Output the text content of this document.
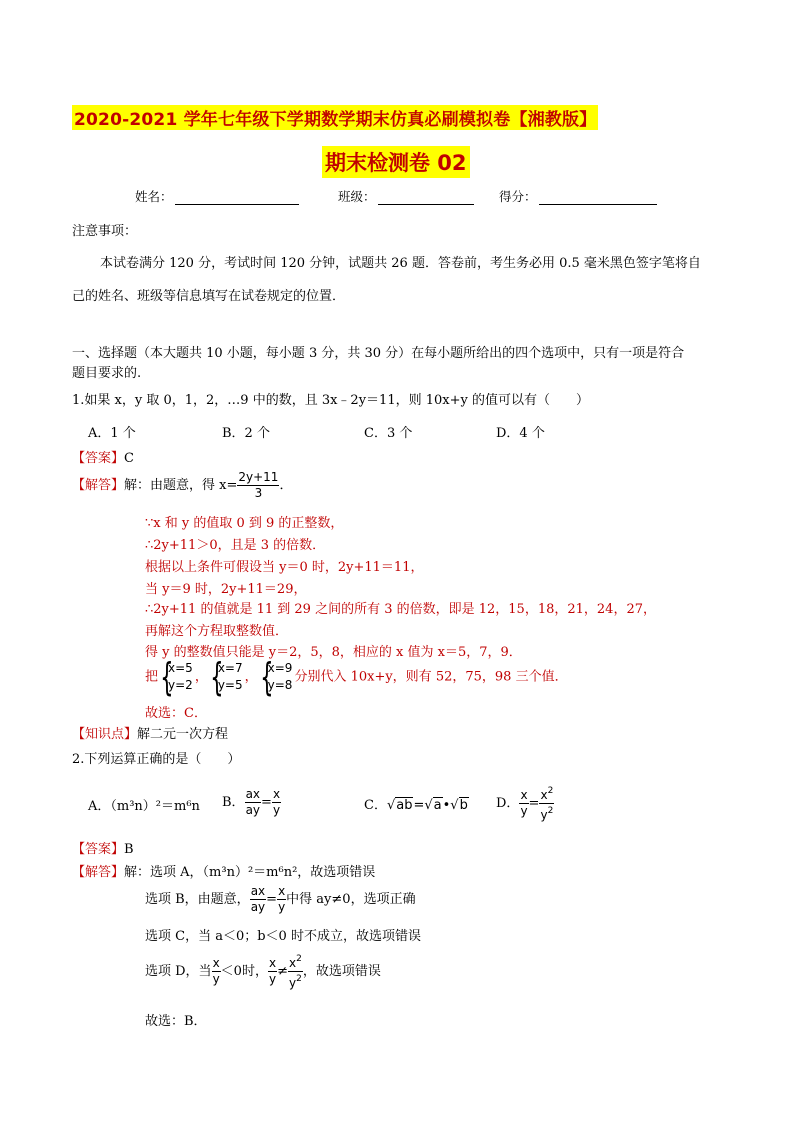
2020-2021 学年七年级下学期数学期末仿真必刷模拟卷【湘教版】
期末检测卷 02
姓名：	班级：	得分：
注意事项：
本试卷满分 120 分，考试时间 120 分钟，试题共 26 题．答卷前，考生务必用 0.5 毫米黑色签字笔将自
己的姓名、班级等信息填写在试卷规定的位置．
一、选择题（本大题共 10 小题，每小题 3 分，共 30 分）在每小题所给出的四个选项中，只有一项是符合
题目要求的.
1.如果 x，y 取 0，1，2，…9 中的数，且 3x﹣2y＝11，则 10x+y 的值可以有（　　）
A．1 个	B．2 个	C．3 个	D．4 个
【答案】C
【解答】解：由题意，得 $x= \frac{2y+11}{3}$ ．
∵x 和 y 的值取 0 到 9 的正整数，
∴2y+11＞0，且是 3 的倍数．
根据以上条件可假设当 y＝0 时，2y+11＝11，
当 y＝9 时，2y+11＝29，
∴2y+11 的值就是 11 到 29 之间的所有 3 的倍数，即是 12，15，18，21，24，27，
再解这个方程取整数值．
得 y 的整数值只能是 y＝2，5，8，相应的 x 值为 x＝5，7，9．
把 {
x=5
y=2
， {
x=7
y=5
， {
x=9
y=8
分别代入 10x+y，则有 52，75，98 三个值．
故选：C．
【知识点】解二元一次方程
2.下列运算正确的是（　　）
A．（m³n）²＝m⁶n B． $\frac{ax}{ay} = \frac{x}{y}$	C．√ab=√a•√b D． $\frac{x}{y} = \frac{x^2}{y^2}$
【答案】B
【解答】解：选项 A，（m³n）²＝m⁶n²，故选项错误
选项 B，由题意， $\frac{ax}{ay} = \frac{x}{y}$ 中得 ay≠0，选项正确
选项 C，当 a＜0；b＜0 时不成立，故选项错误
选项 D，当 $\frac{x}{y} <0$时， $\frac{x}{y} \ne \frac{x^2}{y^2}$ ，故选项错误
故选：B．
